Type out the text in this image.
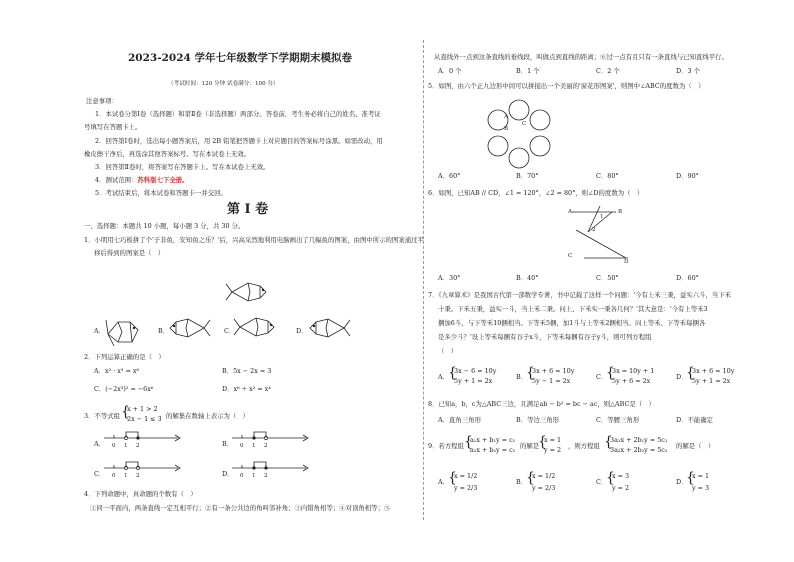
2023-2024 学年七年级数学下学期期末模拟卷
（考试时间：120 分钟 试卷满分：100 分）
注意事项：
1．本试卷分第Ⅰ卷（选择题）和第Ⅱ卷（非选择题）两部分。答卷前，考生务必将自己的姓名、准考证
号填写在答题卡上。
2．回答第Ⅰ卷时，选出每小题答案后，用 2B 铅笔把答题卡上对应题目的答案标号涂黑。如需改动，用
橡皮擦干净后，再选涂其他答案标号。写在本试卷上无效。
3．回答第Ⅱ卷时，将答案写在答题卡上。写在本试卷上无效。
4．测试范围：苏科版七下全册。
5．考试结束后，将本试卷和答题卡一并交回。
第 I 卷
一、选择题：本题共 10 小题，每小题 3 分，共 30 分。
1．小明用七巧板拼了个'子非鱼，安知鱼之乐？'后，兴高采烈地利用电脑画出了几幅鱼的图案，由图中所示的图案通过平
移后得到的图案是（　）
A．	B．	C．	D．
2．下列运算正确的是（　）
A．x² · x³ = x⁶	B．5x − 2x = 3
C．(−2x³)² = −6x⁶	D．x⁶ ÷ x² = x⁴
3．不等式组 {
x + 1 > 2
2x − 1 ≤ 3 的解集在数轴上表示为（　）
A． 0 1 2	B． 0 1 2
C． 0 1 2	D． 0 1 2
4．下列命题中，真命题的个数有（　）
①同一平面内，两条直线一定互相平行；②有一条公共边的角叫邻补角；③内错角相等；④对顶角相等；⑤
从直线外一点到这条直线的垂线段，叫做点到直线的距离；⑥过一点有且只有一条直线与已知直线平行。
A．0 个	B．1 个	C．2 个	D．3 个
5．如图，由六个正九边形中间可以拼接出一个美丽的'窗花形图案'，则图中∠ABC的度数为（　）
A
B
C
A．60°	B．70°	C．80°	D．90°
6．如图，已知AB // CD，∠1 = 120°，∠2 = 80°，则∠D的度数为（　）
A	B
C
D
1
2
A．30°	B．40°	C．50°	D．60°
7．《九章算术》是我国古代第一部数学专著，书中记载了这样一个问题：'今有上禾三秉，益实六斗，当下禾
十秉。下禾五秉，益实一斗，当上禾二秉。问上、下禾实一秉各几何？'其大意是：'今有上等禾3
捆加6斗，与下等禾10捆相当。下等禾5捆，加1斗与上等禾2捆相当。问上等禾、下等禾每捆各
是多少斗？'设上等禾每捆有谷子x斗，下等禾每捆有谷子y斗，则可列方程组
（　）
A．
{
3x − 6 = 10y
5y + 1 = 2x	B．
{
3x + 6 = 10y
5y − 1 = 2x	C．
{
3x = 10y + 1
5y + 6 = 2x	D．
{
3x + 6 = 10y
5y + 1 = 2x
8．已知a，b，c为△ABC三边，且满足ab − b² = bc − ac，则△ABC是（　）
A．直角三角形	B．等边三角形	C．等腰三角形	D．不能确定
9．若方程组 {
a₁x + b₁y = c₁
a₂x + b₂y = c₂ 的解是
{
x = 1
y = 2 ，则方程组 {
3a₁x + 2b₁y = 5c₁
3a₂x + 2b₂y = 5c₂ 的解是（　）
A．
{
x = 1/2
y = 2/3
B．
{
x = 1/2
y = 2/3
C．
{
x = 3
y = 2
D．
{
x = 1
y = 3
